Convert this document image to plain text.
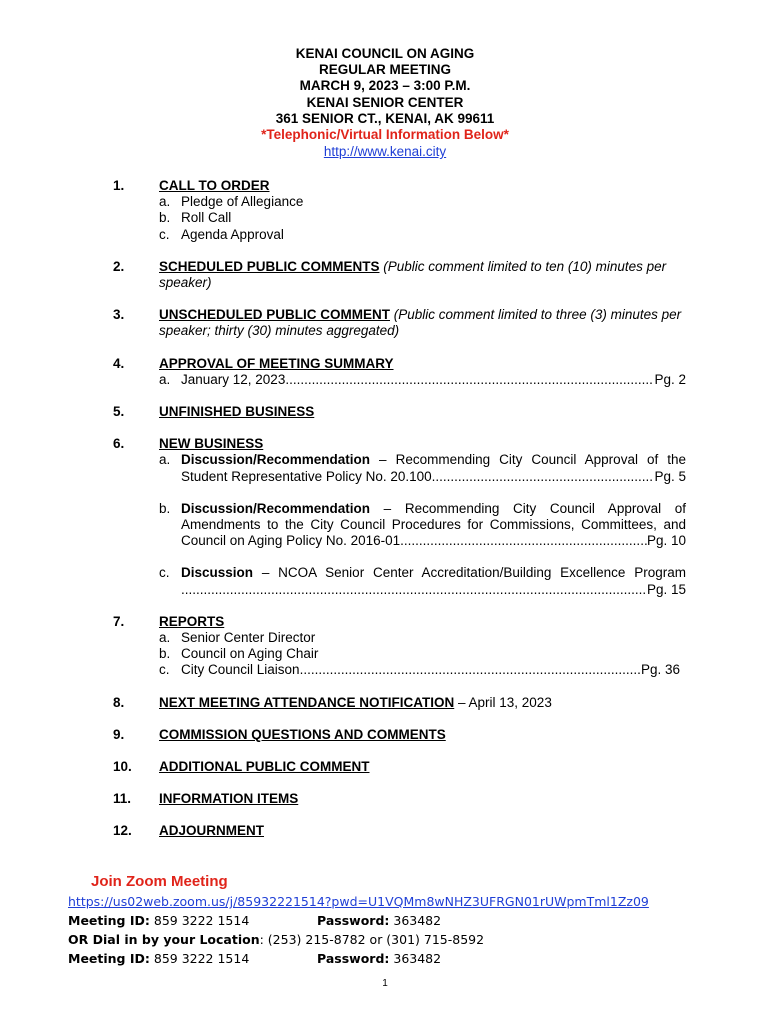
KENAI COUNCIL ON AGING
REGULAR MEETING
MARCH 9, 2023 – 3:00 P.M.
KENAI SENIOR CENTER
361 SENIOR CT., KENAI, AK 99611
*Telephonic/Virtual Information Below*
http://www.kenai.city
1.	CALL TO ORDER
a. Pledge of Allegiance
b. Roll Call
c. Agenda Approval
2.	SCHEDULED PUBLIC COMMENTS (Public comment limited to ten (10) minutes per speaker)
3.	UNSCHEDULED PUBLIC COMMENT (Public comment limited to three (3) minutes per speaker; thirty (30) minutes aggregated)
4.	APPROVAL OF MEETING SUMMARY
a. January 12, 2023 .....	Pg. 2
5.	UNFINISHED BUSINESS
6.	NEW BUSINESS
a. Discussion/Recommendation – Recommending City Council Approval of the
Student Representative Policy No. 20.100 .....	Pg. 5
b. Discussion/Recommendation – Recommending City Council Approval of
Amendments to the City Council Procedures for Commissions, Committees, and
Council on Aging Policy No. 2016-01 .....	Pg. 10
c. Discussion – NCOA Senior Center Accreditation/Building Excellence Program
.....
Pg. 15
7.	REPORTS
a. Senior Center Director
b. Council on Aging Chair
c. City Council Liaison .....	Pg. 36
8.	NEXT MEETING ATTENDANCE NOTIFICATION – April 13, 2023
9.	COMMISSION QUESTIONS AND COMMENTS
10. ADDITIONAL PUBLIC COMMENT
11. INFORMATION ITEMS
12. ADJOURNMENT
Join Zoom Meeting
https://us02web.zoom.us/j/85932221514?pwd=U1VQMm8wNHZ3UFRGN01rUWpmTml1Zz09
Meeting ID: 859 3222 1514	Password: 363482
OR Dial in by your Location: (253) 215-8782 or (301) 715-8592
Meeting ID: 859 3222 1514	Password: 363482
1
